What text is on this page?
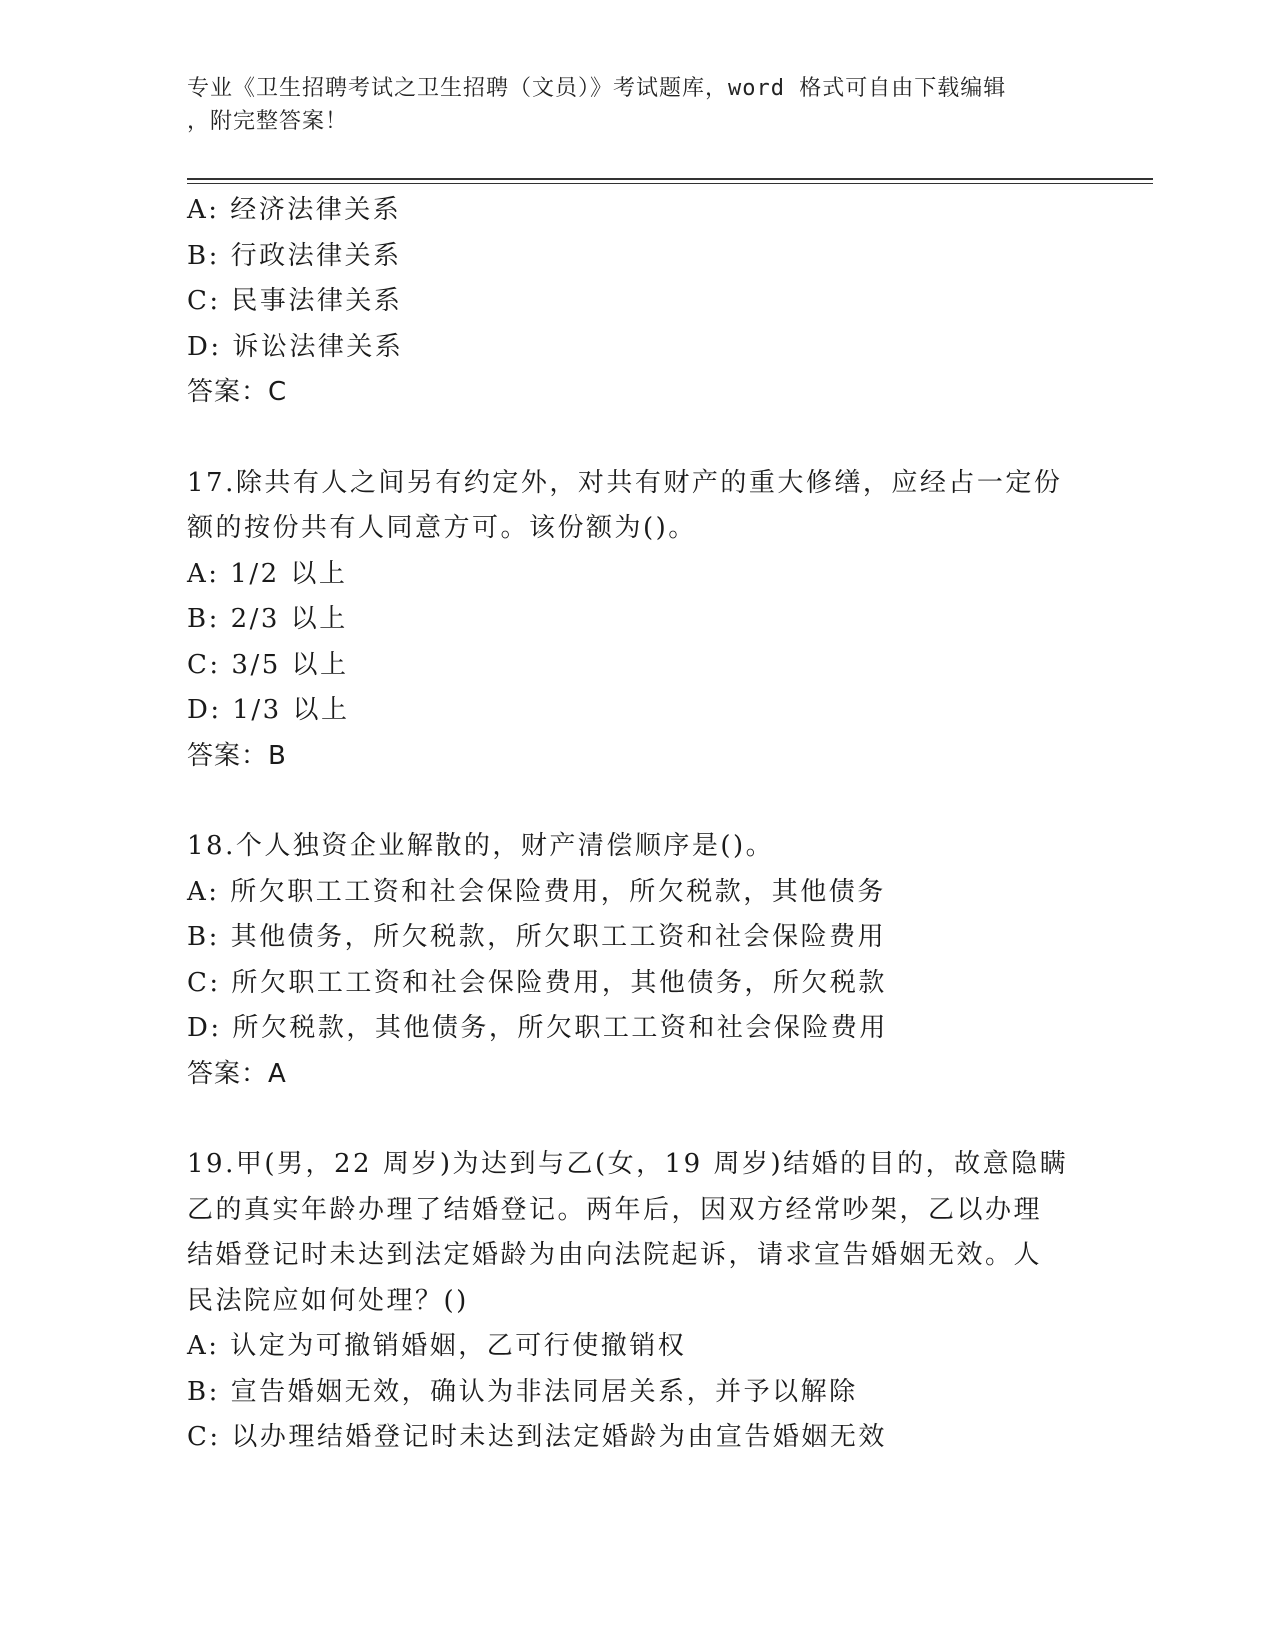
专业《卫生招聘考试之卫生招聘（文员）》考试题库，word 格式可自由下载编辑
，附完整答案！
A: 经济法律关系
B: 行政法律关系
C: 民事法律关系
D: 诉讼法律关系
答案：C
17.除共有人之间另有约定外，对共有财产的重大修缮，应经占一定份
额的按份共有人同意方可。该份额为()。
A: 1/2 以上
B: 2/3 以上
C: 3/5 以上
D: 1/3 以上
答案：B
18.个人独资企业解散的，财产清偿顺序是()。
A: 所欠职工工资和社会保险费用，所欠税款，其他债务
B: 其他债务，所欠税款，所欠职工工资和社会保险费用
C: 所欠职工工资和社会保险费用，其他债务，所欠税款
D: 所欠税款，其他债务，所欠职工工资和社会保险费用
答案：A
19.甲(男，22 周岁)为达到与乙(女，19 周岁)结婚的目的，故意隐瞒
乙的真实年龄办理了结婚登记。两年后，因双方经常吵架，乙以办理
结婚登记时未达到法定婚龄为由向法院起诉，请求宣告婚姻无效。人
民法院应如何处理？()
A: 认定为可撤销婚姻，乙可行使撤销权
B: 宣告婚姻无效，确认为非法同居关系，并予以解除
C: 以办理结婚登记时未达到法定婚龄为由宣告婚姻无效
